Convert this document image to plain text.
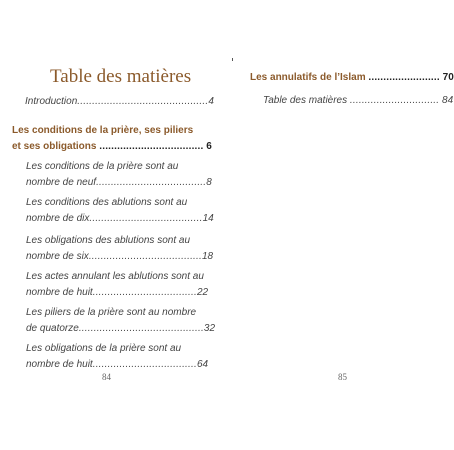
Table des matières
Introduction............................................4
Les conditions de la prière, ses piliers
et ses obligations ................................... 6
Les conditions de la prière sont au
nombre de neuf.....................................8
Les conditions des ablutions sont au
nombre de dix......................................14
Les obligations des ablutions sont au
nombre de six......................................18
Les actes annulant les ablutions sont au
nombre de huit...................................22
Les piliers de la prière sont au nombre
de quatorze..........................................32
Les obligations de la prière sont au
nombre de huit...................................64
84
Les annulatifs de l’Islam ........................ 70
Table des matières .............................. 84
85
